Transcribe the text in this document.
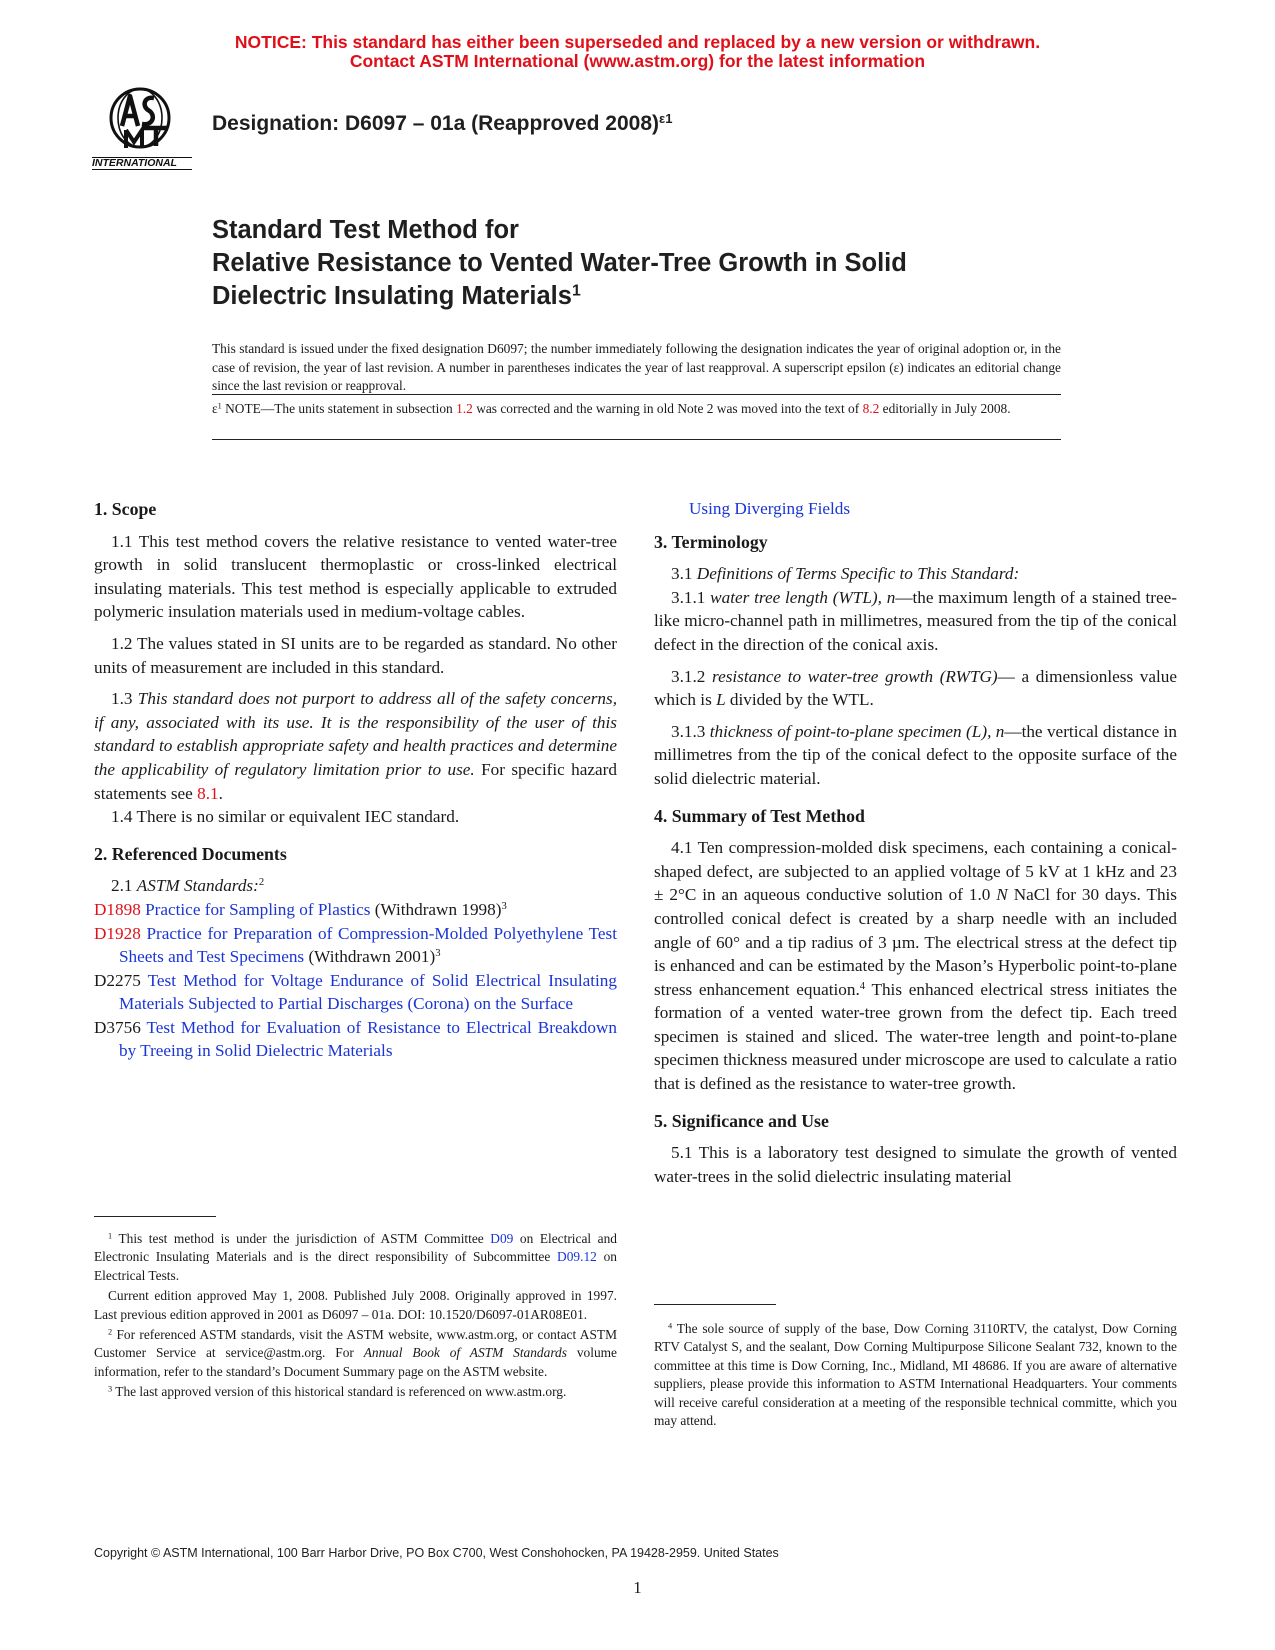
NOTICE: This standard has either been superseded and replaced by a new version or withdrawn.
Contact ASTM International (www.astm.org) for the latest information
INTERNATIONAL
Designation: D6097 – 01a (Reapproved 2008)$^{\varepsilon 1}$
Standard Test Method for
Relative Resistance to Vented Water-Tree Growth in Solid
Dielectric Insulating Materials$^1$
This standard is issued under the fixed designation D6097; the number immediately following the designation indicates the year of original adoption or, in the case of revision, the year of last revision. A number in parentheses indicates the year of last reapproval. A superscript epsilon (ε) indicates an editorial change since the last revision or reapproval.
$\varepsilon^1$ NOTE—The units statement in subsection 1.2 was corrected and the warning in old Note 2 was moved into the text of 8.2 editorially in July 2008.
1. Scope
1.1 This test method covers the relative resistance to vented water-tree growth in solid translucent thermoplastic or cross-linked electrical insulating materials. This test method is especially applicable to extruded polymeric insulation materials used in medium-voltage cables.
1.2 The values stated in SI units are to be regarded as standard. No other units of measurement are included in this standard.
1.3 This standard does not purport to address all of the safety concerns, if any, associated with its use. It is the responsibility of the user of this standard to establish appropriate safety and health practices and determine the applicability of regulatory limitation prior to use. For specific hazard statements see 8.1.
1.4 There is no similar or equivalent IEC standard.
2. Referenced Documents
2.1 ASTM Standards:$^2$
D1898 Practice for Sampling of Plastics (Withdrawn 1998)$^3$
D1928 Practice for Preparation of Compression-Molded Polyethylene Test Sheets and Test Specimens (Withdrawn 2001)$^3$
D2275 Test Method for Voltage Endurance of Solid Electrical Insulating Materials Subjected to Partial Discharges (Corona) on the Surface
D3756 Test Method for Evaluation of Resistance to Electrical Breakdown by Treeing in Solid Dielectric Materials
$^1$ This test method is under the jurisdiction of ASTM Committee D09 on Electrical and Electronic Insulating Materials and is the direct responsibility of Subcommittee D09.12 on Electrical Tests.
Current edition approved May 1, 2008. Published July 2008. Originally approved in 1997. Last previous edition approved in 2001 as D6097 – 01a. DOI: 10.1520/D6097-01AR08E01.
$^2$ For referenced ASTM standards, visit the ASTM website, www.astm.org, or contact ASTM Customer Service at service@astm.org. For Annual Book of ASTM Standards volume information, refer to the standard’s Document Summary page on the ASTM website.
$^3$ The last approved version of this historical standard is referenced on www.astm.org.
Using Diverging Fields
3. Terminology
3.1 Definitions of Terms Specific to This Standard:
3.1.1 water tree length (WTL), n—the maximum length of a stained tree-like micro-channel path in millimetres, measured from the tip of the conical defect in the direction of the conical axis.
3.1.2 resistance to water-tree growth (RWTG)— a dimensionless value which is L divided by the WTL.
3.1.3 thickness of point-to-plane specimen (L), n—the vertical distance in millimetres from the tip of the conical defect to the opposite surface of the solid dielectric material.
4. Summary of Test Method
4.1 Ten compression-molded disk specimens, each containing a conical-shaped defect, are subjected to an applied voltage of 5 kV at 1 kHz and 23 ± 2°C in an aqueous conductive solution of 1.0 N NaCl for 30 days. This controlled conical defect is created by a sharp needle with an included angle of 60° and a tip radius of 3 µm. The electrical stress at the defect tip is enhanced and can be estimated by the Mason’s Hyperbolic point-to-plane stress enhancement equation.$^4$ This enhanced electrical stress initiates the formation of a vented water-tree grown from the defect tip. Each treed specimen is stained and sliced. The water-tree length and point-to-plane specimen thickness measured under microscope are used to calculate a ratio that is defined as the resistance to water-tree growth.
5. Significance and Use
5.1 This is a laboratory test designed to simulate the growth of vented water-trees in the solid dielectric insulating material
$^4$ The sole source of supply of the base, Dow Corning 3110RTV, the catalyst, Dow Corning RTV Catalyst S, and the sealant, Dow Corning Multipurpose Silicone Sealant 732, known to the committee at this time is Dow Corning, Inc., Midland, MI 48686. If you are aware of alternative suppliers, please provide this information to ASTM International Headquarters. Your comments will receive careful consideration at a meeting of the responsible technical committe, which you may attend.
Copyright © ASTM International, 100 Barr Harbor Drive, PO Box C700, West Conshohocken, PA 19428-2959. United States
1
